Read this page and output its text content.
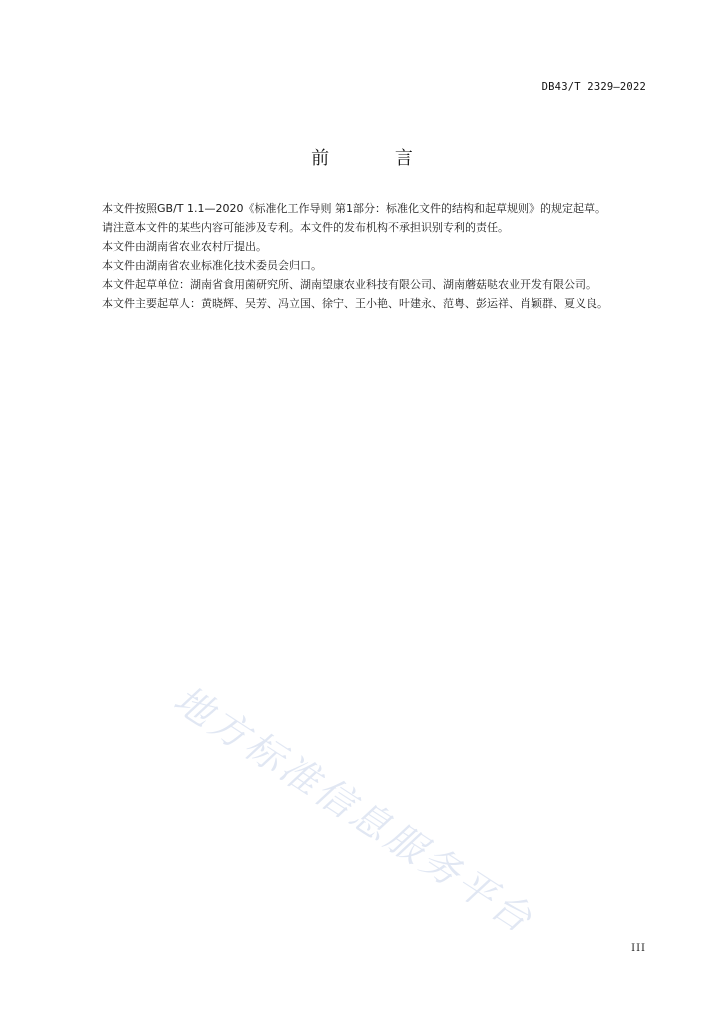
DB43/T 2329—2022
前 言

本文件按照GB/T 1.1—2020《标准化工作导则 第1部分：标准化文件的结构和起草规则》的规定起草。

请注意本文件的某些内容可能涉及专利。本文件的发布机构不承担识别专利的责任。

本文件由湖南省农业农村厅提出。

本文件由湖南省农业标准化技术委员会归口。

本文件起草单位：湖南省食用菌研究所、湖南望康农业科技有限公司、湖南蘑菇哒农业开发有限公司。

本文件主要起草人：黄晓辉、吴芳、冯立国、徐宁、王小艳、叶建永、范粤、彭运祥、肖颖群、夏义良。

地方标准信息服务平台
III
